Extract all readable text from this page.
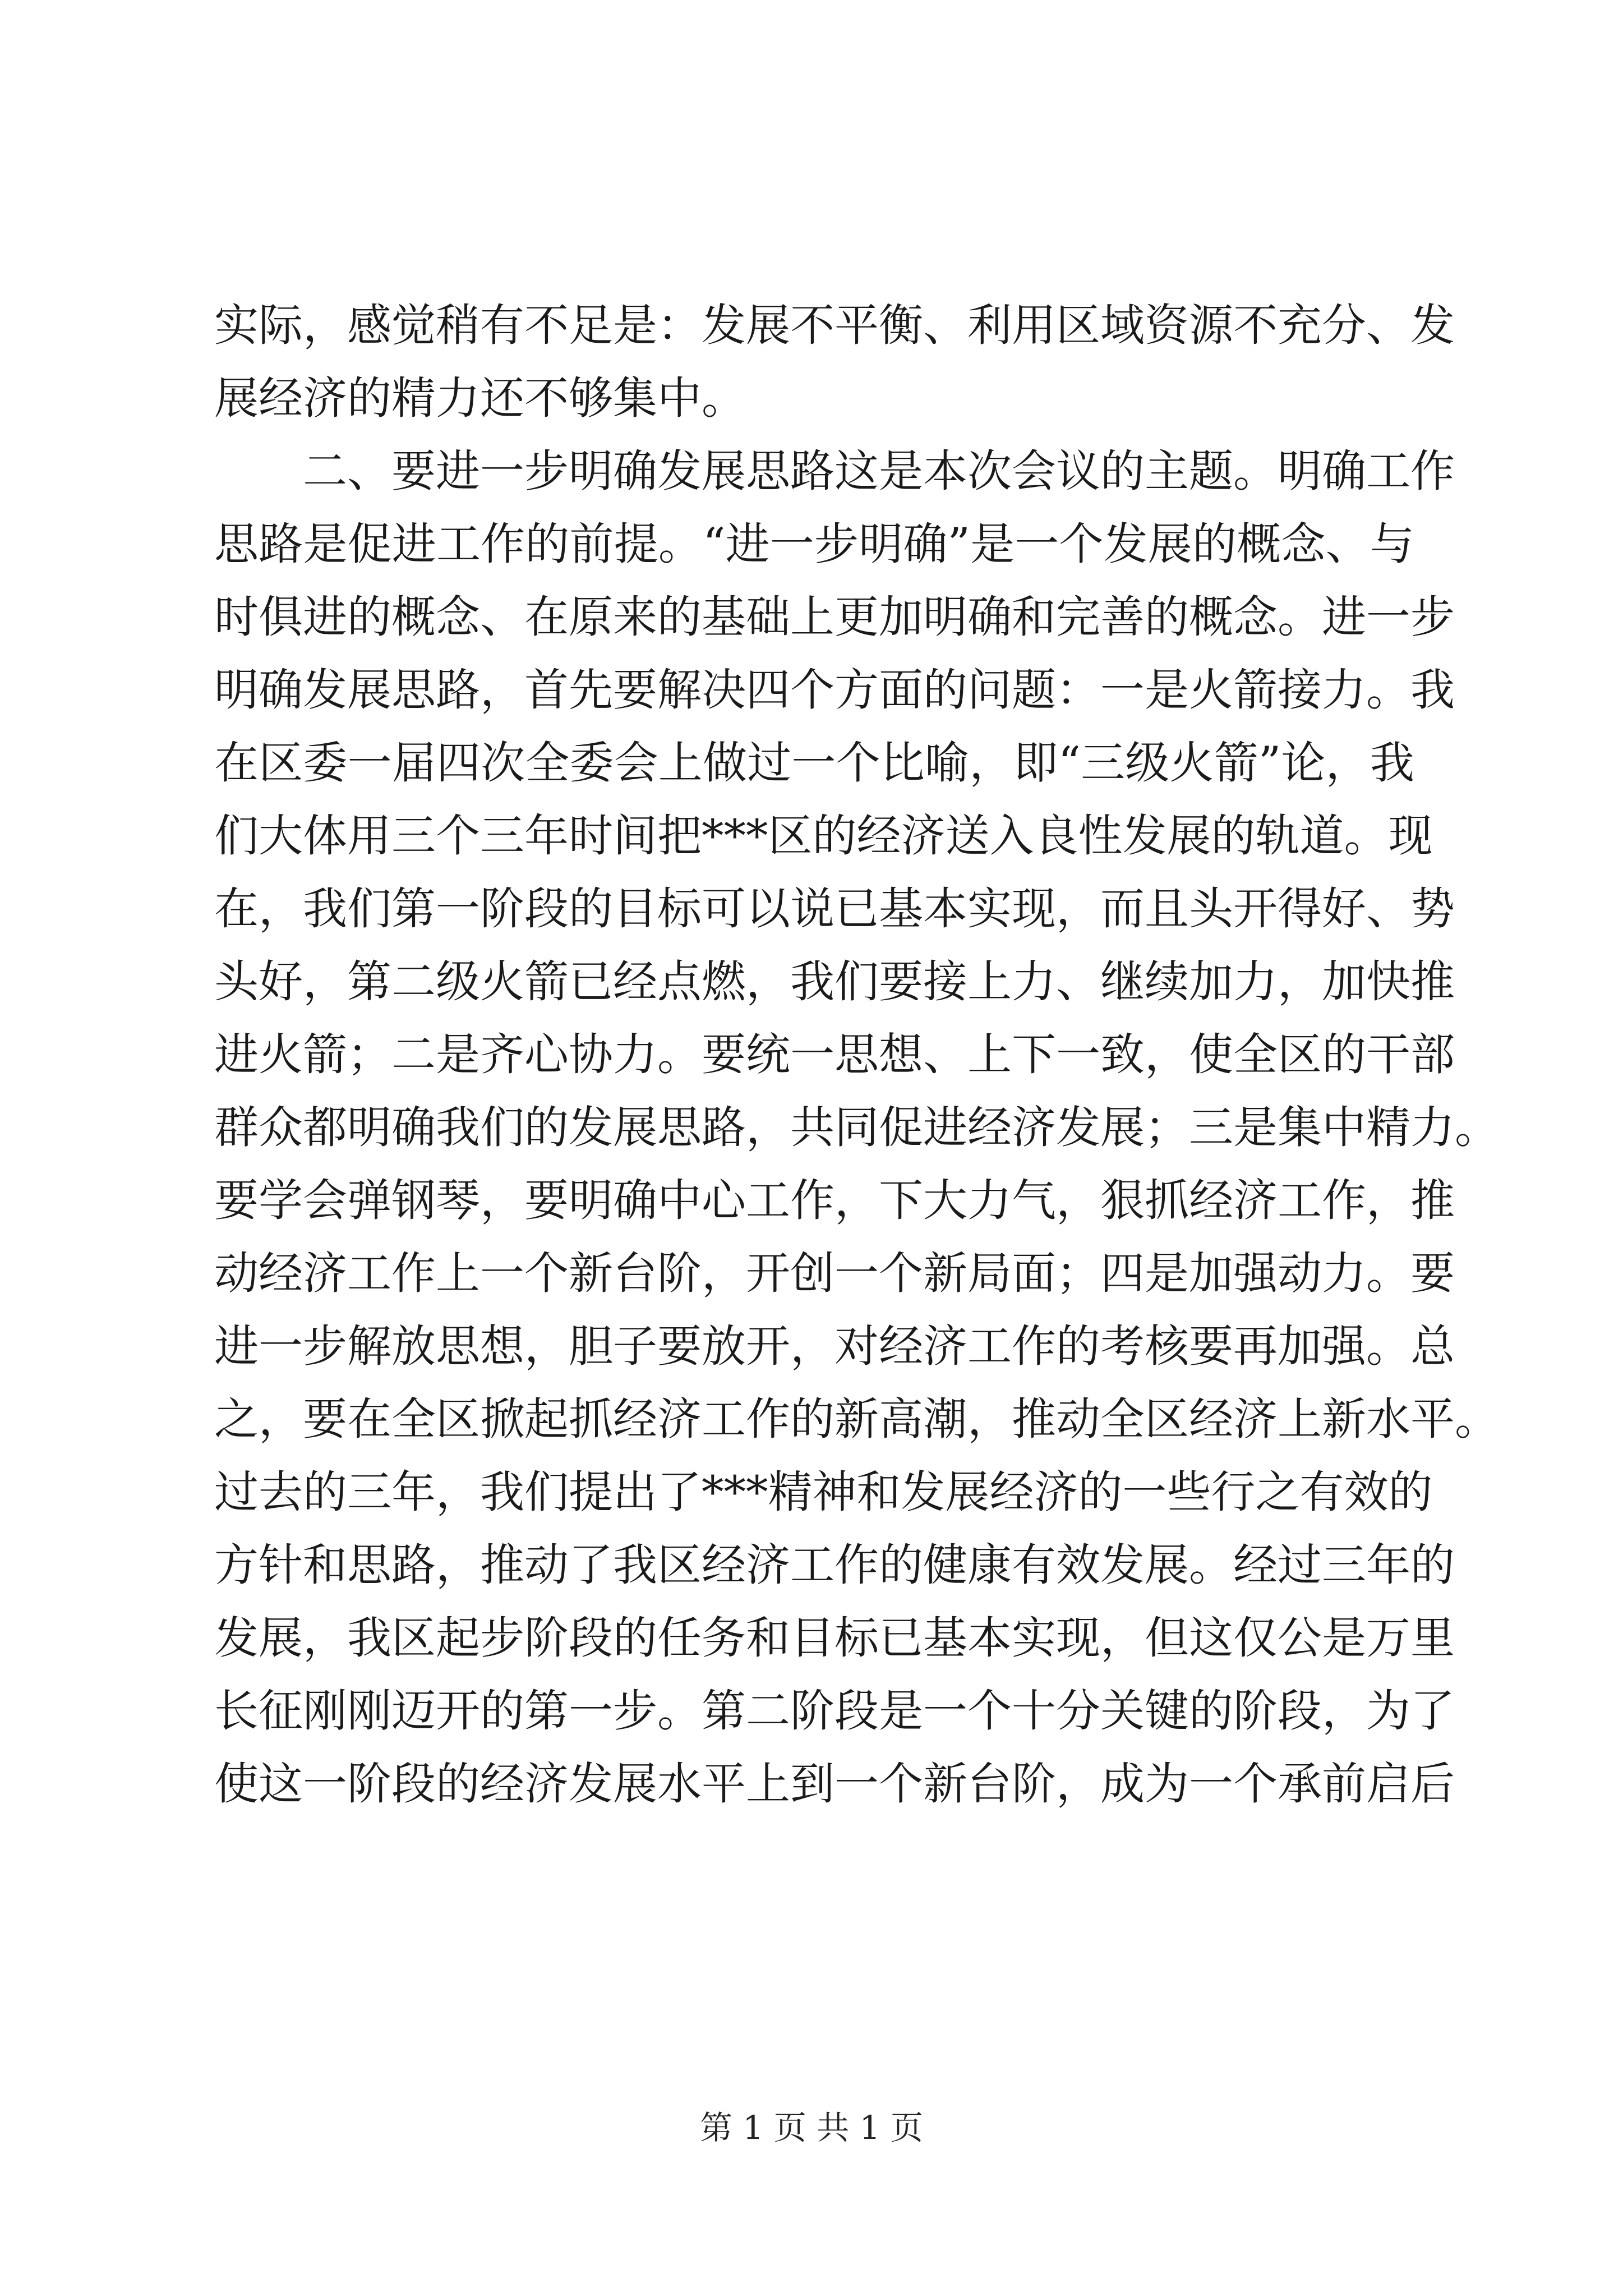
实 际 ， 感 觉 稍 有 不 足 是 ： 发 展 不 平 衡 、 利 用 区 域 资 源 不 充 分 、 发
展经济的精力还不够集中。

二 、 要 进 一 步 明 确 发 展 思 路 这 是 本 次 会 议 的 主 题 。 明 确 工 作
思 路 是 促 进 工 作 的 前 提 。 “ 进 一 步 明 确 ” 是 一 个 发 展 的 概 念 、 与
时 俱 进 的 概 念 、 在 原 来 的 基 础 上 更 加 明 确 和 完 善 的 概 念 。 进 一 步
明 确 发 展 思 路 ， 首 先 要 解 决 四 个 方 面 的 问 题 ： 一 是 火 箭 接 力 。 我
在 区 委 一 届 四 次 全 委 会 上 做 过 一 个 比 喻 ， 即 “ 三 级 火 箭 ” 论 ， 我
们 大 体 用 三 个 三 年 时 间 把 * * * 区 的 经 济 送 入 良 性 发 展 的 轨 道 。 现
在 ， 我 们 第 一 阶 段 的 目 标 可 以 说 已 基 本 实 现 ， 而 且 头 开 得 好 、 势
头 好 ， 第 二 级 火 箭 已 经 点 燃 ， 我 们 要 接 上 力 、 继 续 加 力 ， 加 快 推
进 火 箭 ； 二 是 齐 心 协 力 。 要 统 一 思 想 、 上 下 一 致 ， 使 全 区 的 干 部
群 众 都 明 确 我 们 的 发 展 思 路 ， 共 同 促 进 经 济 发 展 ； 三 是 集 中 精 力 。
要 学 会 弹 钢 琴 ， 要 明 确 中 心 工 作 ， 下 大 力 气 ， 狠 抓 经 济 工 作 ， 推
动 经 济 工 作 上 一 个 新 台 阶 ， 开 创 一 个 新 局 面 ； 四 是 加 强 动 力 。 要
进 一 步 解 放 思 想 ， 胆 子 要 放 开 ， 对 经 济 工 作 的 考 核 要 再 加 强 。 总
之 ， 要 在 全 区 掀 起 抓 经 济 工 作 的 新 高 潮 ， 推 动 全 区 经 济 上 新 水 平 。
过 去 的 三 年 ， 我 们 提 出 了 * * * 精 神 和 发 展 经 济 的 一 些 行 之 有 效 的
方 针 和 思 路 ， 推 动 了 我 区 经 济 工 作 的 健 康 有 效 发 展 。 经 过 三 年 的
发 展 ， 我 区 起 步 阶 段 的 任 务 和 目 标 已 基 本 实 现 ， 但 这 仅 公 是 万 里
长 征 刚 刚 迈 开 的 第 一 步 。 第 二 阶 段 是 一 个 十 分 关 键 的 阶 段 ， 为 了
使 这 一 阶 段 的 经 济 发 展 水 平 上 到 一 个 新 台 阶 ， 成 为 一 个 承 前 启 后
第 1 页 共 1 页
